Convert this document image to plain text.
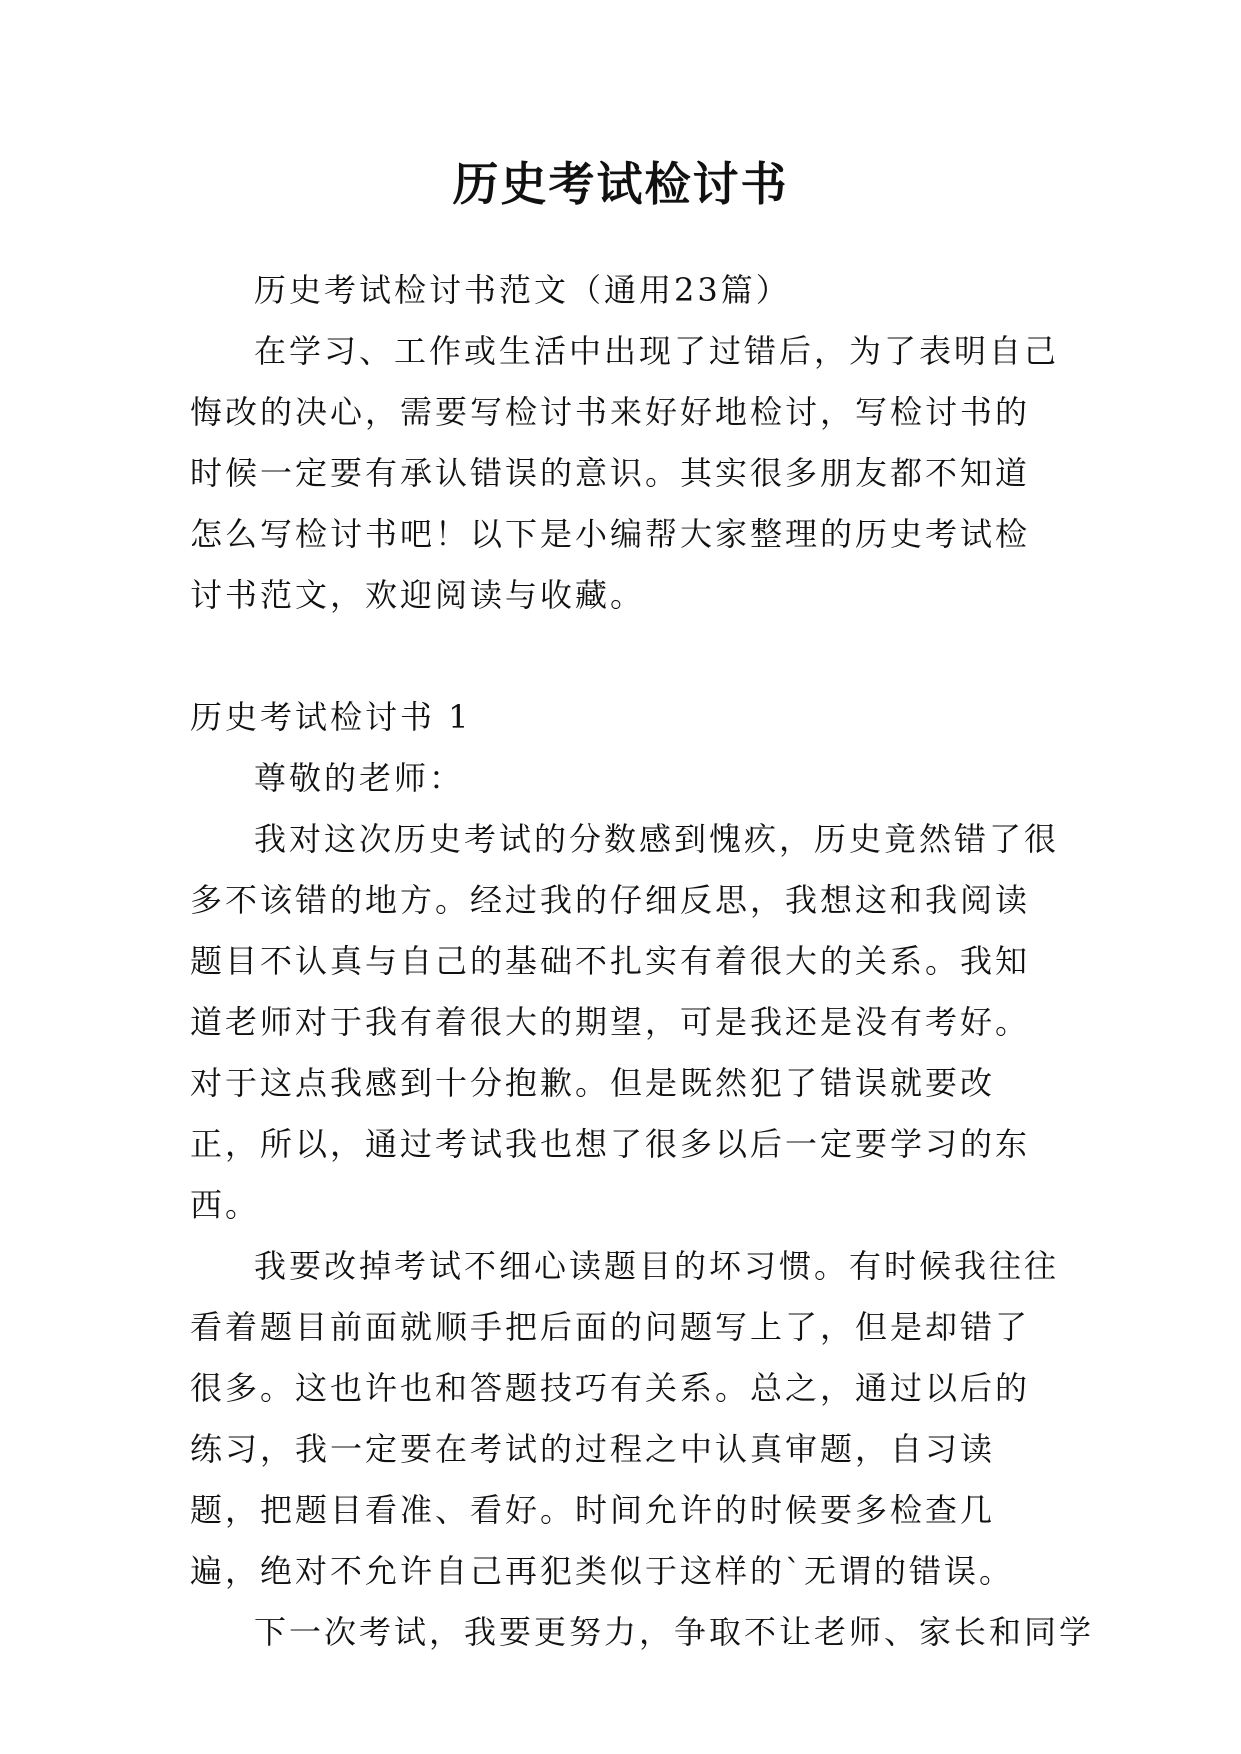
历史考试检讨书

历史考试检讨书范文（通用23篇）

在学习、工作或生活中出现了过错后，为了表明自己悔改的决心，需要写检讨书来好好地检讨，写检讨书的时候一定要有承认错误的意识。其实很多朋友都不知道怎么写检讨书吧！以下是小编帮大家整理的历史考试检讨书范文，欢迎阅读与收藏。

历史考试检讨书 1

尊敬的老师：

我对这次历史考试的分数感到愧疚，历史竟然错了很多不该错的地方。经过我的仔细反思，我想这和我阅读题目不认真与自己的基础不扎实有着很大的关系。我知道老师对于我有着很大的期望，可是我还是没有考好。对于这点我感到十分抱歉。但是既然犯了错误就要改正，所以，通过考试我也想了很多以后一定要学习的东西。

我要改掉考试不细心读题目的坏习惯。有时候我往往看着题目前面就顺手把后面的问题写上了，但是却错了很多。这也许也和答题技巧有关系。总之，通过以后的练习，我一定要在考试的过程之中认真审题，自习读题，把题目看准、看好。时间允许的时候要多检查几遍，绝对不允许自己再犯类似于这样的`无谓的错误。

下一次考试，我要更努力，争取不让老师、家长和同学
